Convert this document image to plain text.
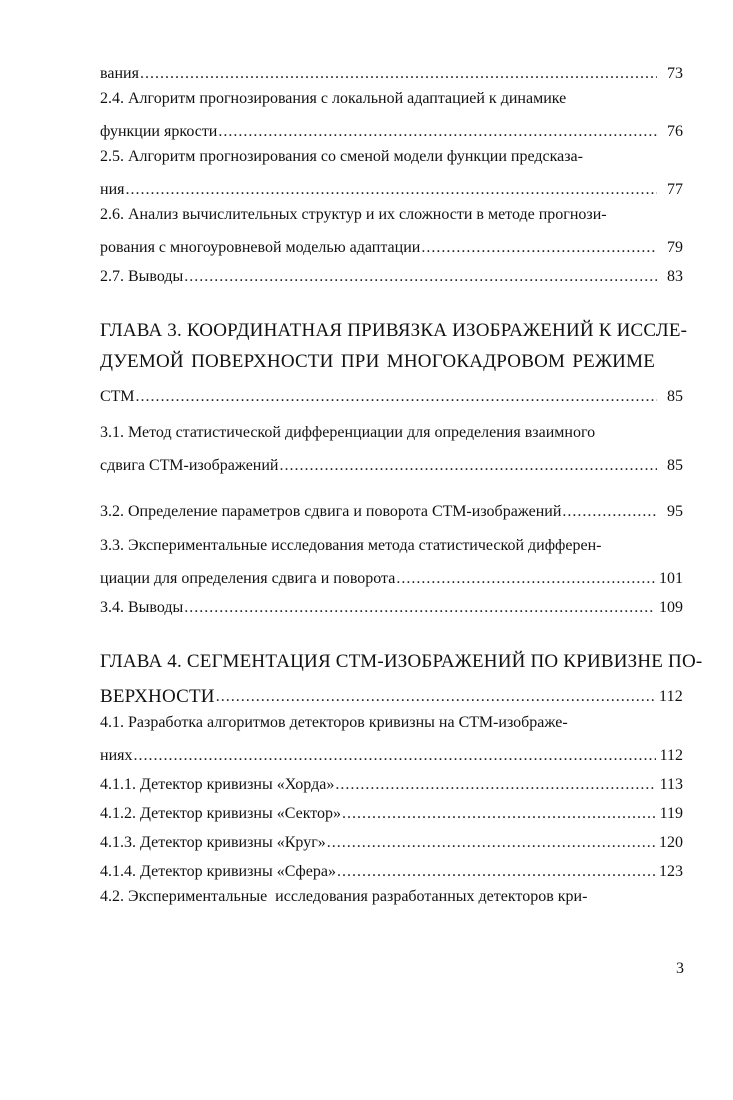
вания .....	73
2.4. Алгоритм прогнозирования с локальной адаптацией к динамике
функции яркости .....	76
2.5. Алгоритм прогнозирования со сменой модели функции предсказа-
ния .....	77
2.6. Анализ вычислительных структур и их сложности в методе прогнози-
рования с многоуровневой моделью адаптации .....	79
2.7. Выводы .....	83
ГЛАВА 3. КООРДИНАТНАЯ ПРИВЯЗКА ИЗОБРАЖЕНИЙ К ИССЛЕ-
ДУЕМОЙ ПОВЕРХНОСТИ ПРИ МНОГОКАДРОВОМ РЕЖИМЕ
СТМ .....	85
3.1. Метод статистической дифференциации для определения взаимного
сдвига СТМ-изображений .....	85
3.2. Определение параметров сдвига и поворота СТМ-изображений .....	95
3.3. Экспериментальные исследования метода статистической дифферен-
циации для определения сдвига и поворота .....	101
3.4. Выводы .....	109
ГЛАВА 4. СЕГМЕНТАЦИЯ СТМ-ИЗОБРАЖЕНИЙ ПО КРИВИЗНЕ ПО-
ВЕРХНОСТИ .....	112
4.1. Разработка алгоритмов детекторов кривизны на СТМ-изображе-
ниях .....	112
4.1.1. Детектор кривизны «Хорда» .....	113
4.1.2. Детектор кривизны «Сектор» .....	119
4.1.3. Детектор кривизны «Круг» .....	120
4.1.4. Детектор кривизны «Сфера» .....	123
4.2. Экспериментальные  исследования разработанных детекторов кри-
3
